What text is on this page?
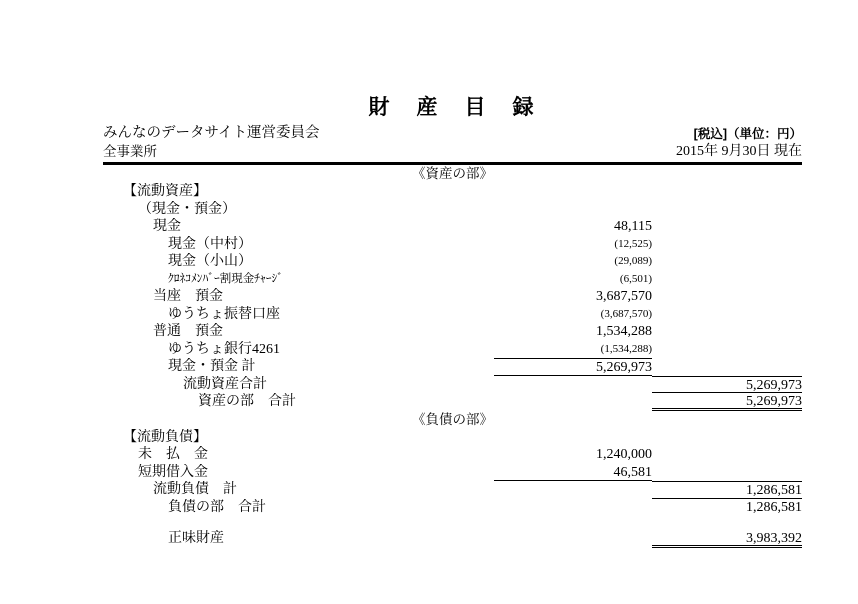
財　産　目　録
みんなのデータサイト運営委員会	[税込]（単位：円）
全事業所	2015年 9月30日 現在
《資産の部》
【流動資産】
（現金・預金）
現金	48,115
現金（中村）	(12,525)
現金（小山）	(29,089)
ｸﾛﾈｺﾒﾝﾊﾞｰ割現金ﾁｬｰｼﾞ	(6,501)
当座　預金	3,687,570
ゆうちょ振替口座	(3,687,570)
普通　預金	1,534,288
ゆうちょ銀行4261	(1,534,288)
現金・預金 計	5,269,973
流動資産合計	5,269,973
資産の部　合計	5,269,973
《負債の部》
【流動負債】
未　払　金	1,240,000
短期借入金	46,581
流動負債　計	1,286,581
負債の部　合計	1,286,581
正味財産	3,983,392
